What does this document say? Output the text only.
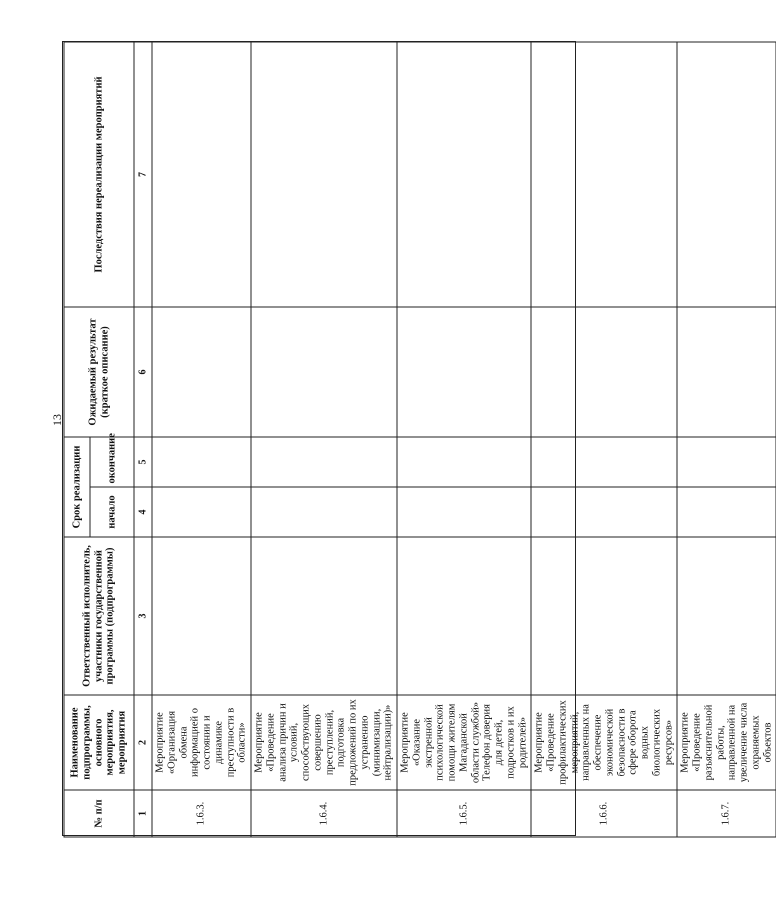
13
№ п/п	Наименование подпрограммы, основного мероприятия, мероприятия	Ответственный исполнитель, участники государственной программы (подпрограммы)	Срок реализации		Ожидаемый результат (краткое описание)	Последствия нереализации мероприятий
			начало	окончание		
1	2	3	4	5	6	7
1.6.3.	Мероприятие «Организация обмена информацией о состоянии и динамике преступности в области»					
1.6.4.	Мероприятие «Проведение анализа причин и условий, способствующих совершению преступлений, подготовка предложений по их устранению (минимизации, нейтрализации)»					
1.6.5.	Мероприятие «Оказание экстренной психологической помощи жителям Магаданской области службой» Телефон доверия для детей, подростков и их родителей»					
1.6.6.	Мероприятие «Проведение профилактических мероприятий, направленных на обеспечение экономической безопасности в сфере оборота водных биологических ресурсов»					
1.6.7.	Мероприятие «Проведение разъяснительной работы, направленной на увеличение числа охраняемых объектов					
